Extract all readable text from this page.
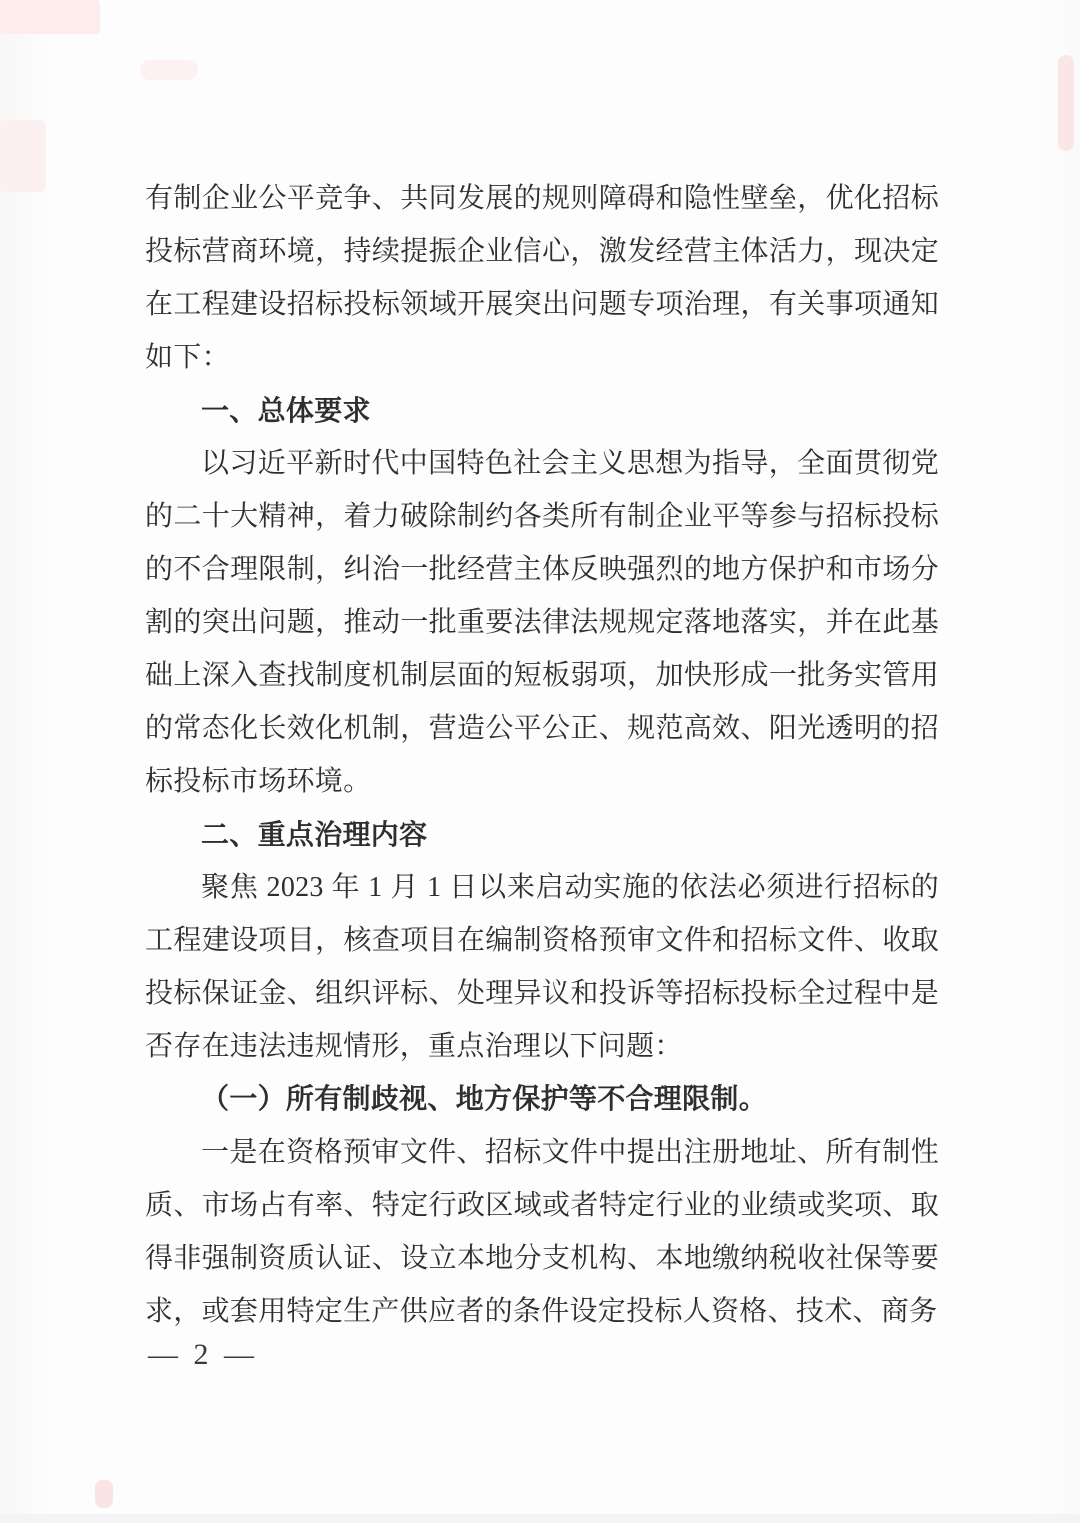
有制企业公平竞争、共同发展的规则障碍和隐性壁垒，优化招标投标营商环境，持续提振企业信心，激发经营主体活力，现决定在工程建设招标投标领域开展突出问题专项治理，有关事项通知如下：

一、总体要求

以习近平新时代中国特色社会主义思想为指导，全面贯彻党的二十大精神，着力破除制约各类所有制企业平等参与招标投标的不合理限制，纠治一批经营主体反映强烈的地方保护和市场分割的突出问题，推动一批重要法律法规规定落地落实，并在此基础上深入查找制度机制层面的短板弱项，加快形成一批务实管用的常态化长效化机制，营造公平公正、规范高效、阳光透明的招标投标市场环境。

二、重点治理内容

聚焦 2023 年 1 月 1 日以来启动实施的依法必须进行招标的工程建设项目，核查项目在编制资格预审文件和招标文件、收取投标保证金、组织评标、处理异议和投诉等招标投标全过程中是否存在违法违规情形，重点治理以下问题：

（一）所有制歧视、地方保护等不合理限制。

一是在资格预审文件、招标文件中提出注册地址、所有制性质、市场占有率、特定行政区域或者特定行业的业绩或奖项、取得非强制资质认证、设立本地分支机构、本地缴纳税收社保等要求，或套用特定生产供应者的条件设定投标人资格、技术、商务

— 2 —
